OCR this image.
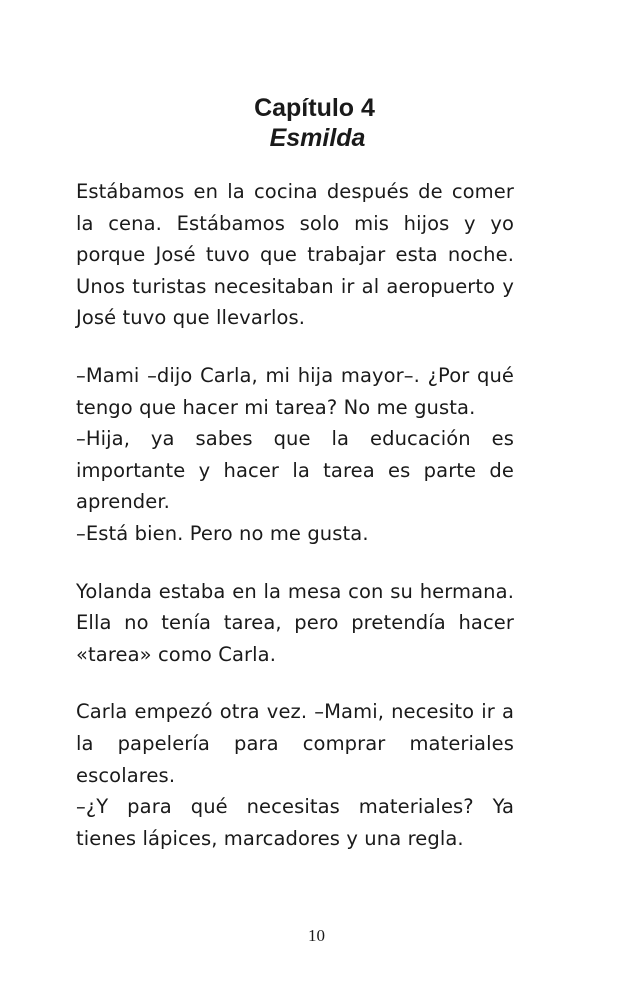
Capítulo 4
Esmilda

Estábamos en la cocina después de comer la cena. Estábamos solo mis hijos y yo porque José tuvo que trabajar esta noche. Unos turistas necesitaban ir al aeropuerto y José tuvo que llevarlos.

–Mami –dijo Carla, mi hija mayor–. ¿Por qué tengo que hacer mi tarea? No me gusta.

–Hija, ya sabes que la educación es importante y hacer la tarea es parte de aprender.

–Está bien. Pero no me gusta.

Yolanda estaba en la mesa con su hermana. Ella no tenía tarea, pero pretendía hacer «tarea» como Carla.

Carla empezó otra vez. –Mami, necesito ir a la papelería para comprar materiales escolares.

–¿Y para qué necesitas materiales? Ya tienes lápices, marcadores y una regla.

10
